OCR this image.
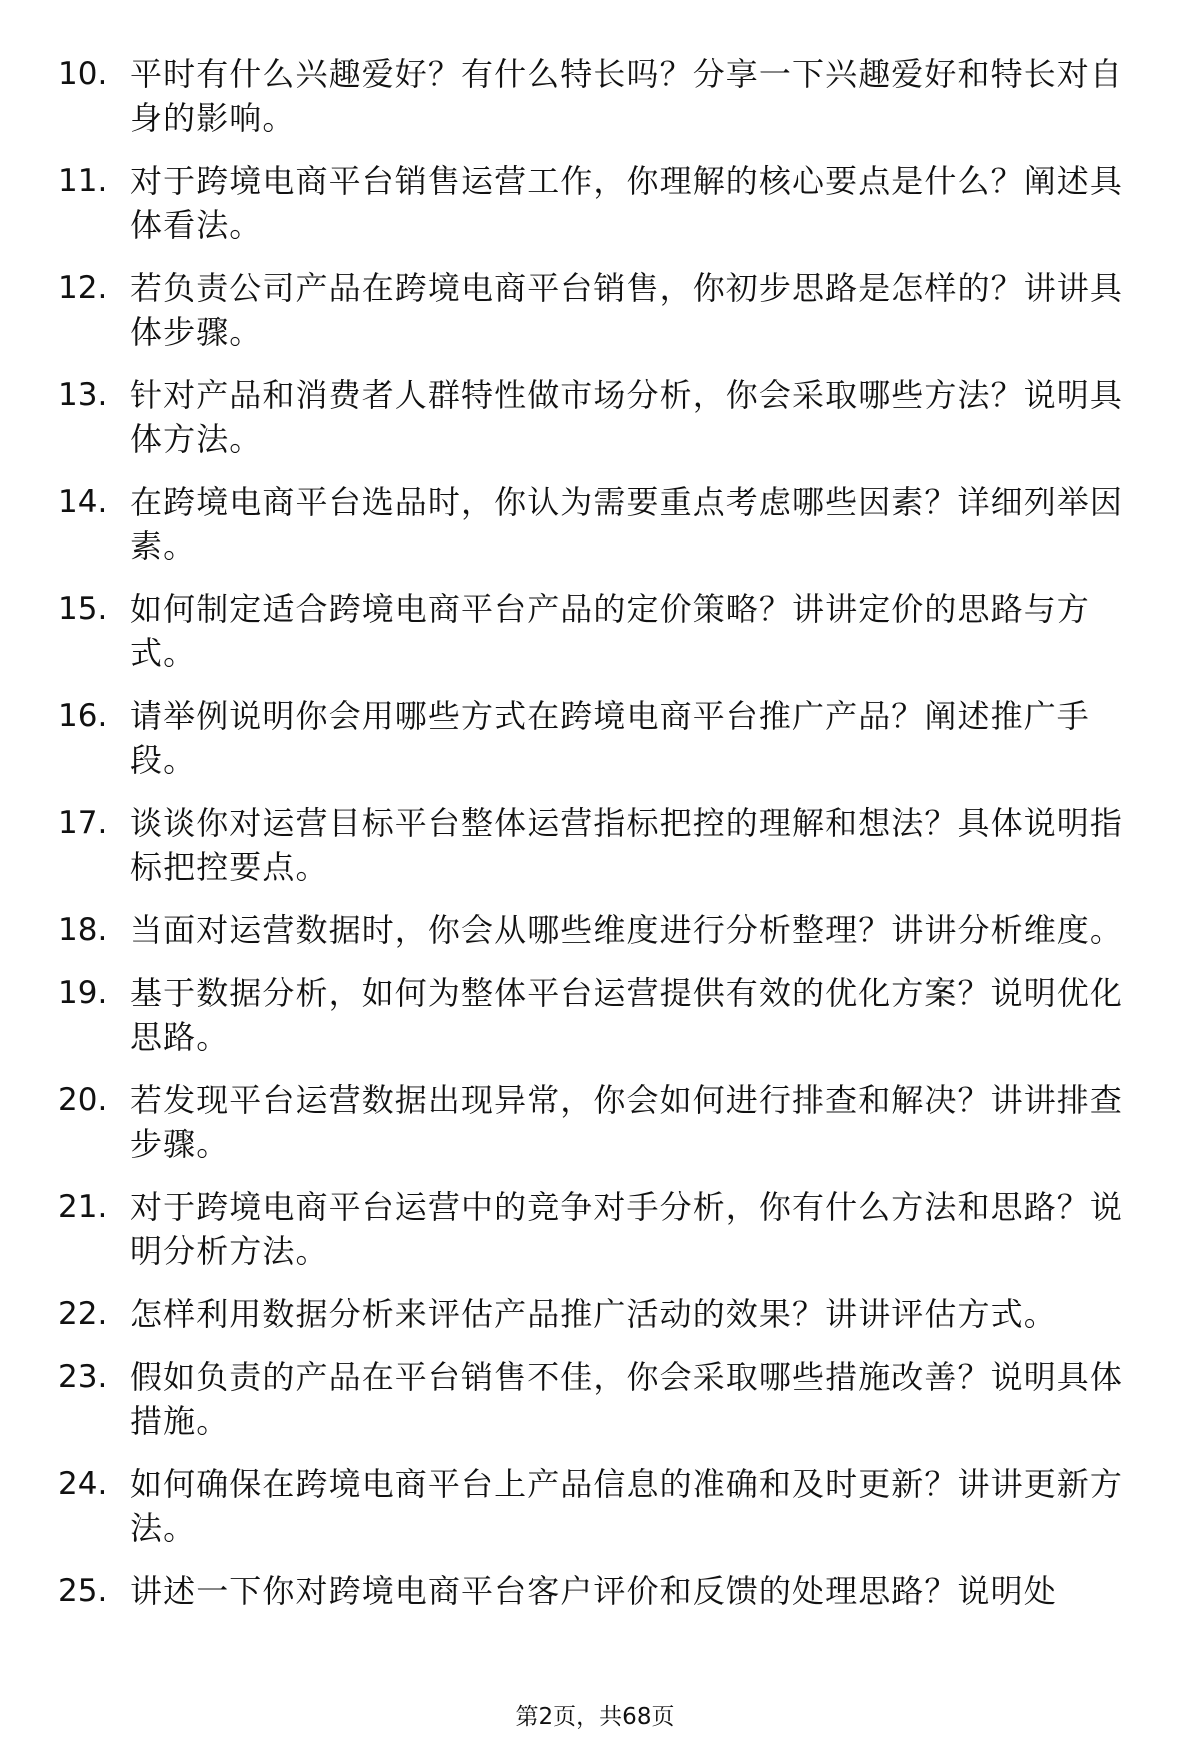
10. 平时有什么兴趣爱好？有什么特长吗？分享一下兴趣爱好和特长对自身的影响。
11. 对于跨境电商平台销售运营工作，你理解的核心要点是什么？阐述具体看法。
12. 若负责公司产品在跨境电商平台销售，你初步思路是怎样的？讲讲具体步骤。
13. 针对产品和消费者人群特性做市场分析，你会采取哪些方法？说明具体方法。
14. 在跨境电商平台选品时，你认为需要重点考虑哪些因素？详细列举因素。
15. 如何制定适合跨境电商平台产品的定价策略？讲讲定价的思路与方式。
16. 请举例说明你会用哪些方式在跨境电商平台推广产品？阐述推广手段。
17. 谈谈你对运营目标平台整体运营指标把控的理解和想法？具体说明指标把控要点。
18. 当面对运营数据时，你会从哪些维度进行分析整理？讲讲分析维度。
19. 基于数据分析，如何为整体平台运营提供有效的优化方案？说明优化思路。
20. 若发现平台运营数据出现异常，你会如何进行排查和解决？讲讲排查步骤。
21. 对于跨境电商平台运营中的竞争对手分析，你有什么方法和思路？说明分析方法。
22. 怎样利用数据分析来评估产品推广活动的效果？讲讲评估方式。
23. 假如负责的产品在平台销售不佳，你会采取哪些措施改善？说明具体措施。
24. 如何确保在跨境电商平台上产品信息的准确和及时更新？讲讲更新方法。
25. 讲述一下你对跨境电商平台客户评价和反馈的处理思路？说明处
第2页，共68页
